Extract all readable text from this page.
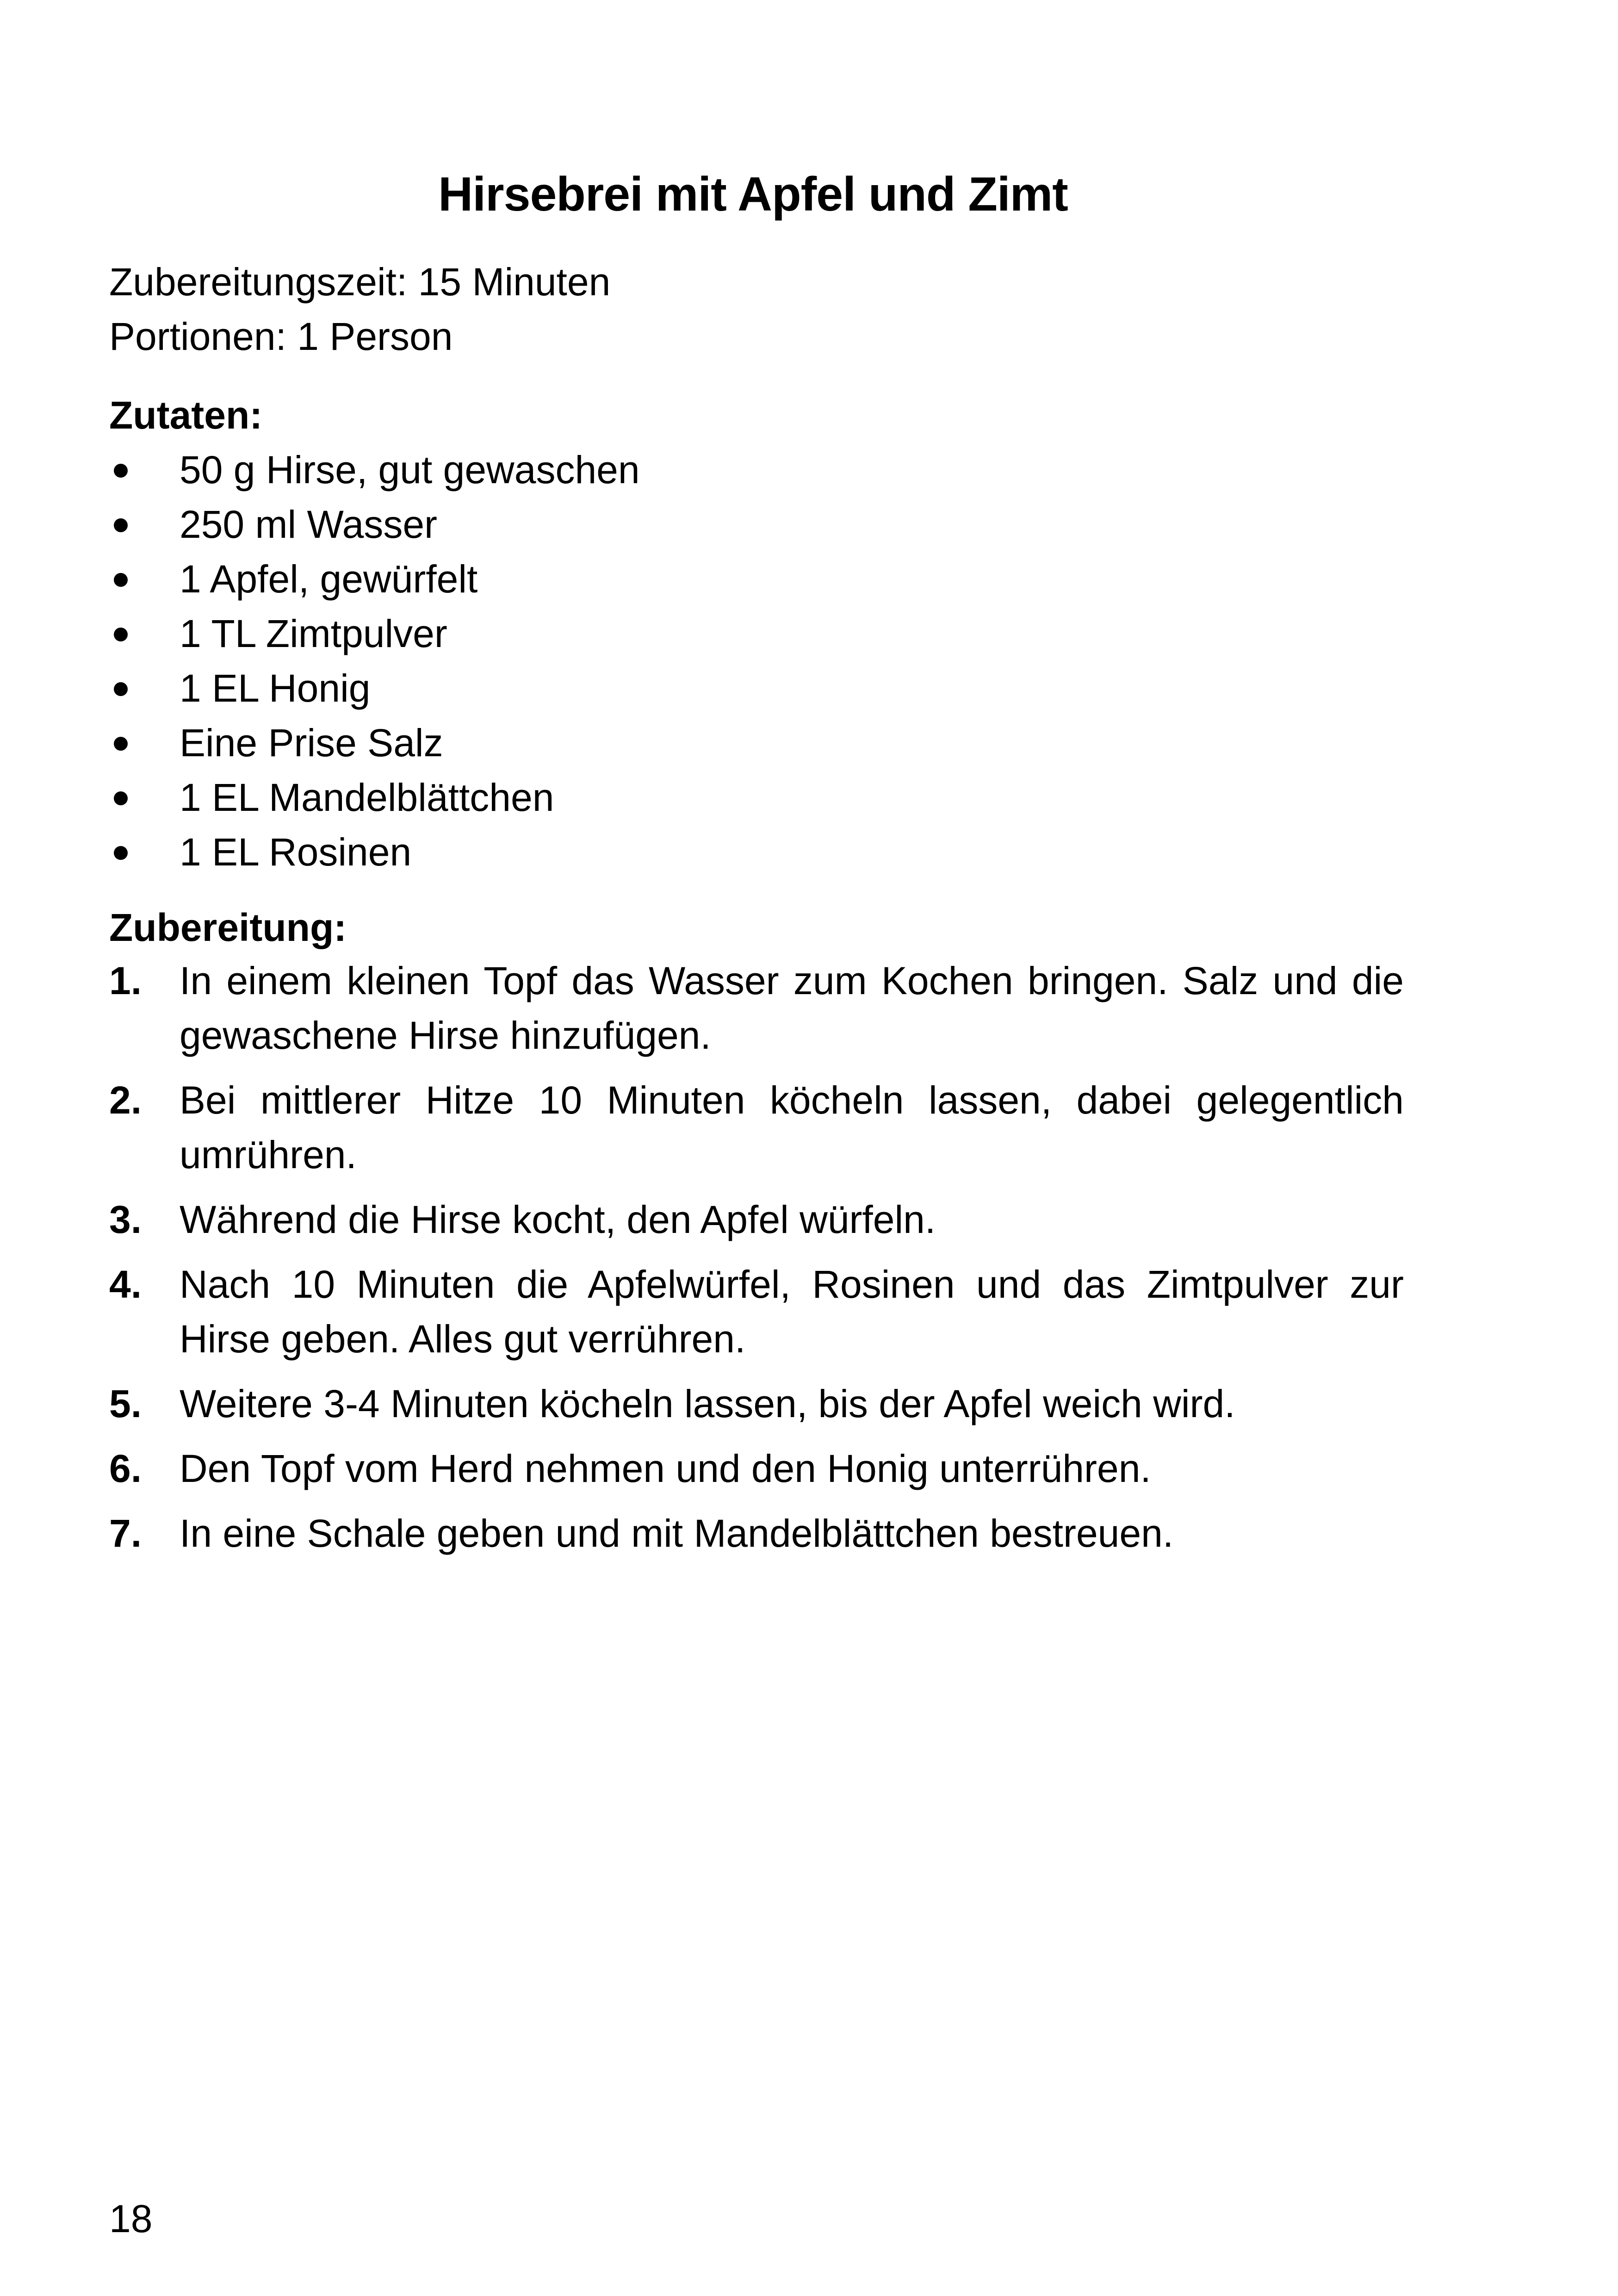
Hirsebrei mit Apfel und Zimt
Zubereitungszeit: 15 Minuten
Portionen: 1 Person
Zutaten:
50 g Hirse, gut gewaschen
250 ml Wasser
1 Apfel, gewürfelt
1 TL Zimtpulver
1 EL Honig
Eine Prise Salz
1 EL Mandelblättchen
1 EL Rosinen
Zubereitung:
1. In einem kleinen Topf das Wasser zum Kochen bringen. Salz und die gewaschene Hirse hinzufügen.
2. Bei mittlerer Hitze 10 Minuten köcheln lassen, dabei gelegentlich umrühren.
3. Während die Hirse kocht, den Apfel würfeln.
4. Nach 10 Minuten die Apfelwürfel, Rosinen und das Zimtpulver zur Hirse geben. Alles gut verrühren.
5. Weitere 3-4 Minuten köcheln lassen, bis der Apfel weich wird.
6. Den Topf vom Herd nehmen und den Honig unterrühren.
7. In eine Schale geben und mit Mandelblättchen bestreuen.
18
